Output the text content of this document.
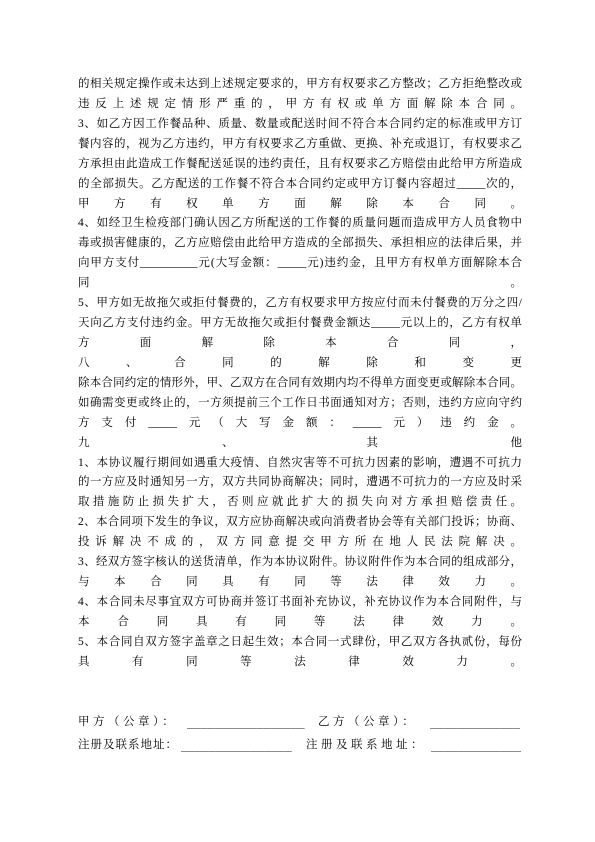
的相关规定操作或未达到上述规定要求的，甲方有权要求乙方整改；乙方拒绝整改或
违反上述规定情形严重的，甲方有权或单方面解除本合同。
3、如乙方因工作餐品种、质量、数量或配送时间不符合本合同约定的标准或甲方订
餐内容的，视为乙方违约，甲方有权要求乙方重做、更换、补充或退订，有权要求乙
方承担由此造成工作餐配送延误的违约责任，且有权要求乙方赔偿由此给甲方所造成
的全部损失。乙方配送的工作餐不符合本合同约定或甲方订餐内容超过_____次的，
甲方有权单方面解除本合同。
4、如经卫生检疫部门确认因乙方所配送的工作餐的质量问题而造成甲方人员食物中
毒或损害健康的，乙方应赔偿由此给甲方造成的全部损失、承担相应的法律后果，并
向甲方支付__________元(大写金额：_____元)违约金，且甲方有权单方面解除本合
同。
5、甲方如无故拖欠或拒付餐费的，乙方有权要求甲方按应付而未付餐费的万分之四/
天向乙方支付违约金。甲方无故拖欠或拒付餐费金额达_____元以上的，乙方有权单
方面解除本合同，
八、合同的解除和变更
除本合同约定的情形外，甲、乙双方在合同有效期内均不得单方面变更或解除本合同。
如确需变更或终止的，一方须提前三个工作日书面通知对方；否则，违约方应向守约
方支付_____元（大写金额：_____元）违约金。
九、其他
1、本协议履行期间如遇重大疫情、自然灾害等不可抗力因素的影响，遭遇不可抗力
的一方应及时通知另一方，双方共同协商解决；同时，遭遇不可抗力的一方应及时采
取措施防止损失扩大，否则应就此扩大的损失向对方承担赔偿责任。
2、本合同项下发生的争议，双方应协商解决或向消费者协会等有关部门投诉；协商、
投诉解决不成的，双方同意提交甲方所在地人民法院解决。
3、经双方签字核认的送货清单，作为本协议附件。协议附件作为本合同的组成部分，
与本合同具有同等法律效力。
4、本合同未尽事宜双方可协商并签订书面补充协议，补充协议作为本合同附件，与
本合同具有同等法律效力。
5、本合同自双方签字盖章之日起生效；本合同一式肆份，甲乙双方各执贰份，每份
具有同等法律效力。
甲方（公章）： _________________ 乙方（公章）： _____________
注册及联系地址： ________________ 注册及联系地址： _____________
